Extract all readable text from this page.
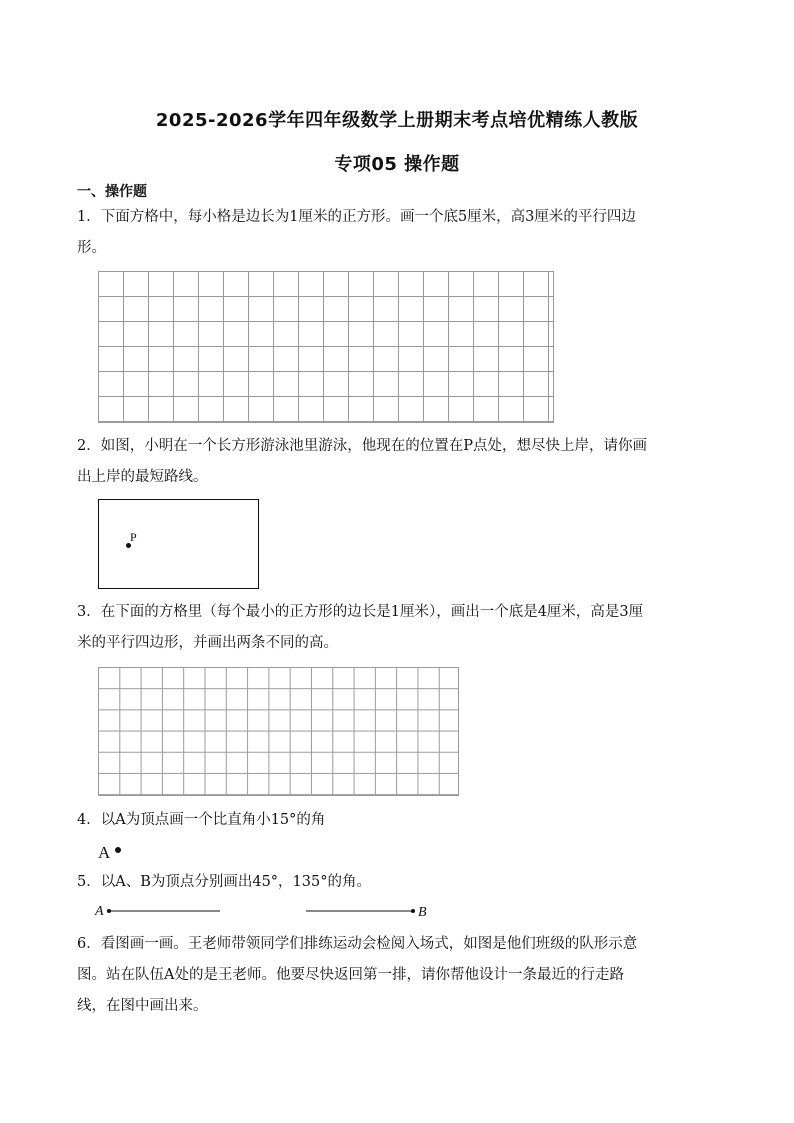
2025-2026学年四年级数学上册期末考点培优精练人教版
专项05 操作题
一、操作题
1．下面方格中，每小格是边长为1厘米的正方形。画一个底5厘米，高3厘米的平行四边
形。
2．如图，小明在一个长方形游泳池里游泳，他现在的位置在P点处，想尽快上岸，请你画
出上岸的最短路线。
P
3．在下面的方格里（每个最小的正方形的边长是1厘米），画出一个底是4厘米，高是3厘
米的平行四边形，并画出两条不同的高。
4．以A为顶点画一个比直角小15°的角
A
5．以A、B为顶点分别画出45°，135°的角。
A	B
6．看图画一画。王老师带领同学们排练运动会检阅入场式，如图是他们班级的队形示意
图。站在队伍A处的是王老师。他要尽快返回第一排，请你帮他设计一条最近的行走路
线，在图中画出来。
